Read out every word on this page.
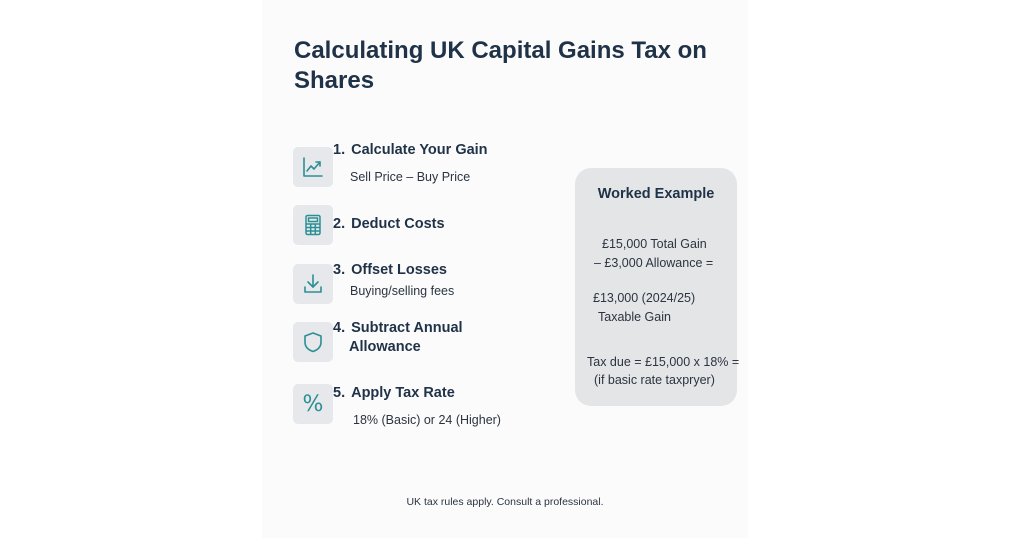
Calculating UK Capital Gains Tax on Shares
1. Calculate Your Gain
Sell Price – Buy Price
2. Deduct Costs
3. Offset Losses
Buying/selling fees
4. Subtract Annual
Allowance
% 5. Apply Tax Rate
18% (Basic) or 24 (Higher)
Worked Example
£15,000 Total Gain
– £3,000 Allowance =
£13,000 (2024/25)
Taxable Gain
Tax due = £15,000 x 18% =
(if basic rate taxpryer)
UK tax rules apply. Consult a professional.
